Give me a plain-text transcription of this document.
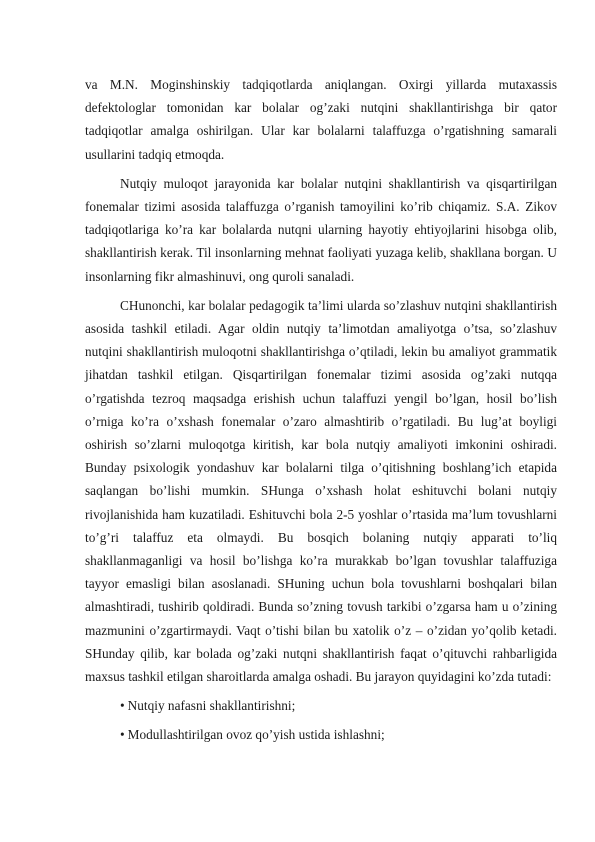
va M.N. Moginshinskiy tadqiqotlarda aniqlangan. Oxirgi yillarda mutaxassis defektologlar tomonidan kar bolalar og’zaki nutqini shakllantirishga bir qator tadqiqotlar amalga oshirilgan. Ular kar bolalarni talaffuzga o’rgatishning samarali usullarini tadqiq etmoqda.

Nutqiy muloqot jarayonida kar bolalar nutqini shakllantirish va qisqartirilgan fonemalar tizimi asosida talaffuzga o’rganish tamoyilini ko’rib chiqamiz. S.A. Zikov tadqiqotlariga ko’ra kar bolalarda nutqni ularning hayotiy ehtiyojlarini hisobga olib, shakllantirish kerak. Til insonlarning mehnat faoliyati yuzaga kelib, shakllana borgan. U insonlarning fikr almashinuvi, ong quroli sanaladi.

CHunonchi, kar bolalar pedagogik ta’limi ularda so’zlashuv nutqini shakllantirish asosida tashkil etiladi. Agar oldin nutqiy ta’limotdan amaliyotga o’tsa, so’zlashuv nutqini shakllantirish muloqotni shakllantirishga o’qtiladi, lekin bu amaliyot grammatik jihatdan tashkil etilgan. Qisqartirilgan fonemalar tizimi asosida og’zaki nutqqa o’rgatishda tezroq maqsadga erishish uchun talaffuzi yengil bo’lgan, hosil bo’lish o’rniga ko’ra o’xshash fonemalar o’zaro almashtirib o’rgatiladi. Bu lug’at boyligi oshirish so’zlarni muloqotga kiritish, kar bola nutqiy amaliyoti imkonini oshiradi. Bunday psixologik yondashuv kar bolalarni tilga o’qitishning boshlang’ich etapida saqlangan bo’lishi mumkin. SHunga o’xshash holat eshituvchi bolani nutqiy rivojlanishida ham kuzatiladi. Eshituvchi bola 2-5 yoshlar o’rtasida ma’lum tovushlarni to’g’ri talaffuz eta olmaydi. Bu bosqich bolaning nutqiy apparati to’liq shakllanmaganligi va hosil bo’lishga ko’ra murakkab bo’lgan tovushlar talaffuziga tayyor emasligi bilan asoslanadi. SHuning uchun bola tovushlarni boshqalari bilan almashtiradi, tushirib qoldiradi. Bunda so’zning tovush tarkibi o’zgarsa ham u o’zining mazmunini o’zgartirmaydi. Vaqt o’tishi bilan bu xatolik o’z – o’zidan yo’qolib ketadi. SHunday qilib, kar bolada og’zaki nutqni shakllantirish faqat o’qituvchi rahbarligida maxsus tashkil etilgan sharoitlarda amalga oshadi. Bu jarayon quyidagini ko’zda tutadi:

• Nutqiy nafasni shakllantirishni;
• Modullashtirilgan ovoz qo’yish ustida ishlashni;
